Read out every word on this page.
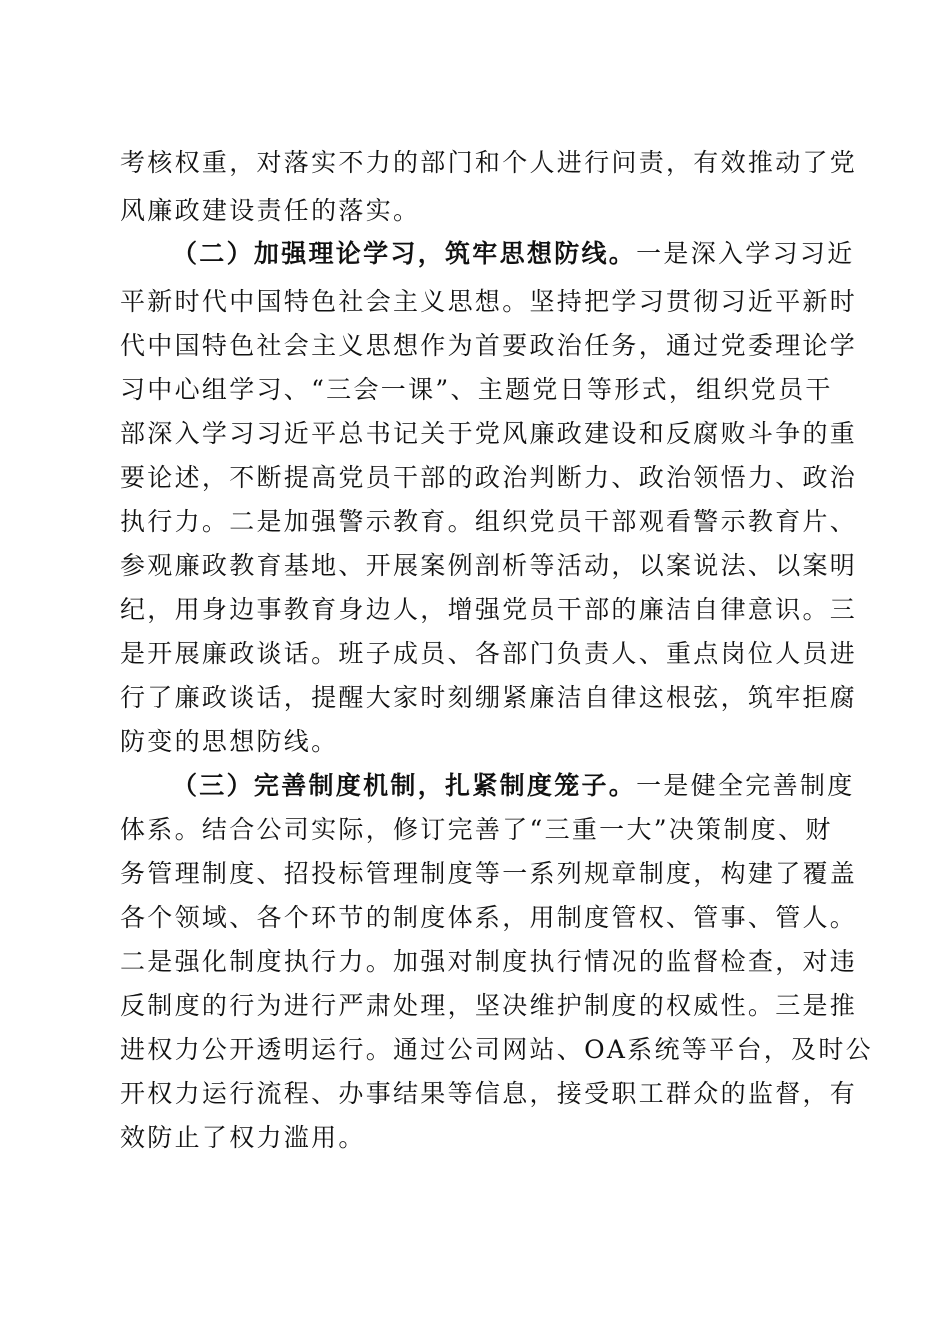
考核权重，对落实不力的部门和个人进行问责，有效推动了党
风廉政建设责任的落实。
（二）加强理论学习，筑牢思想防线。一是深入学习习近
平新时代中国特色社会主义思想。坚持把学习贯彻习近平新时
代中国特色社会主义思想作为首要政治任务，通过党委理论学
习中心组学习、“三会一课”、主题党日等形式，组织党员干
部深入学习习近平总书记关于党风廉政建设和反腐败斗争的重
要论述，不断提高党员干部的政治判断力、政治领悟力、政治
执行力。二是加强警示教育。组织党员干部观看警示教育片、
参观廉政教育基地、开展案例剖析等活动，以案说法、以案明
纪，用身边事教育身边人，增强党员干部的廉洁自律意识。三
是开展廉政谈话。班子成员、各部门负责人、重点岗位人员进
行了廉政谈话，提醒大家时刻绷紧廉洁自律这根弦，筑牢拒腐
防变的思想防线。
（三）完善制度机制，扎紧制度笼子。一是健全完善制度
体系。结合公司实际，修订完善了“三重一大”决策制度、财
务管理制度、招投标管理制度等一系列规章制度，构建了覆盖
各个领域、各个环节的制度体系，用制度管权、管事、管人。
二是强化制度执行力。加强对制度执行情况的监督检查，对违
反制度的行为进行严肃处理，坚决维护制度的权威性。三是推
进权力公开透明运行。通过公司网站、OA系统等平台，及时公
开权力运行流程、办事结果等信息，接受职工群众的监督，有
效防止了权力滥用。
